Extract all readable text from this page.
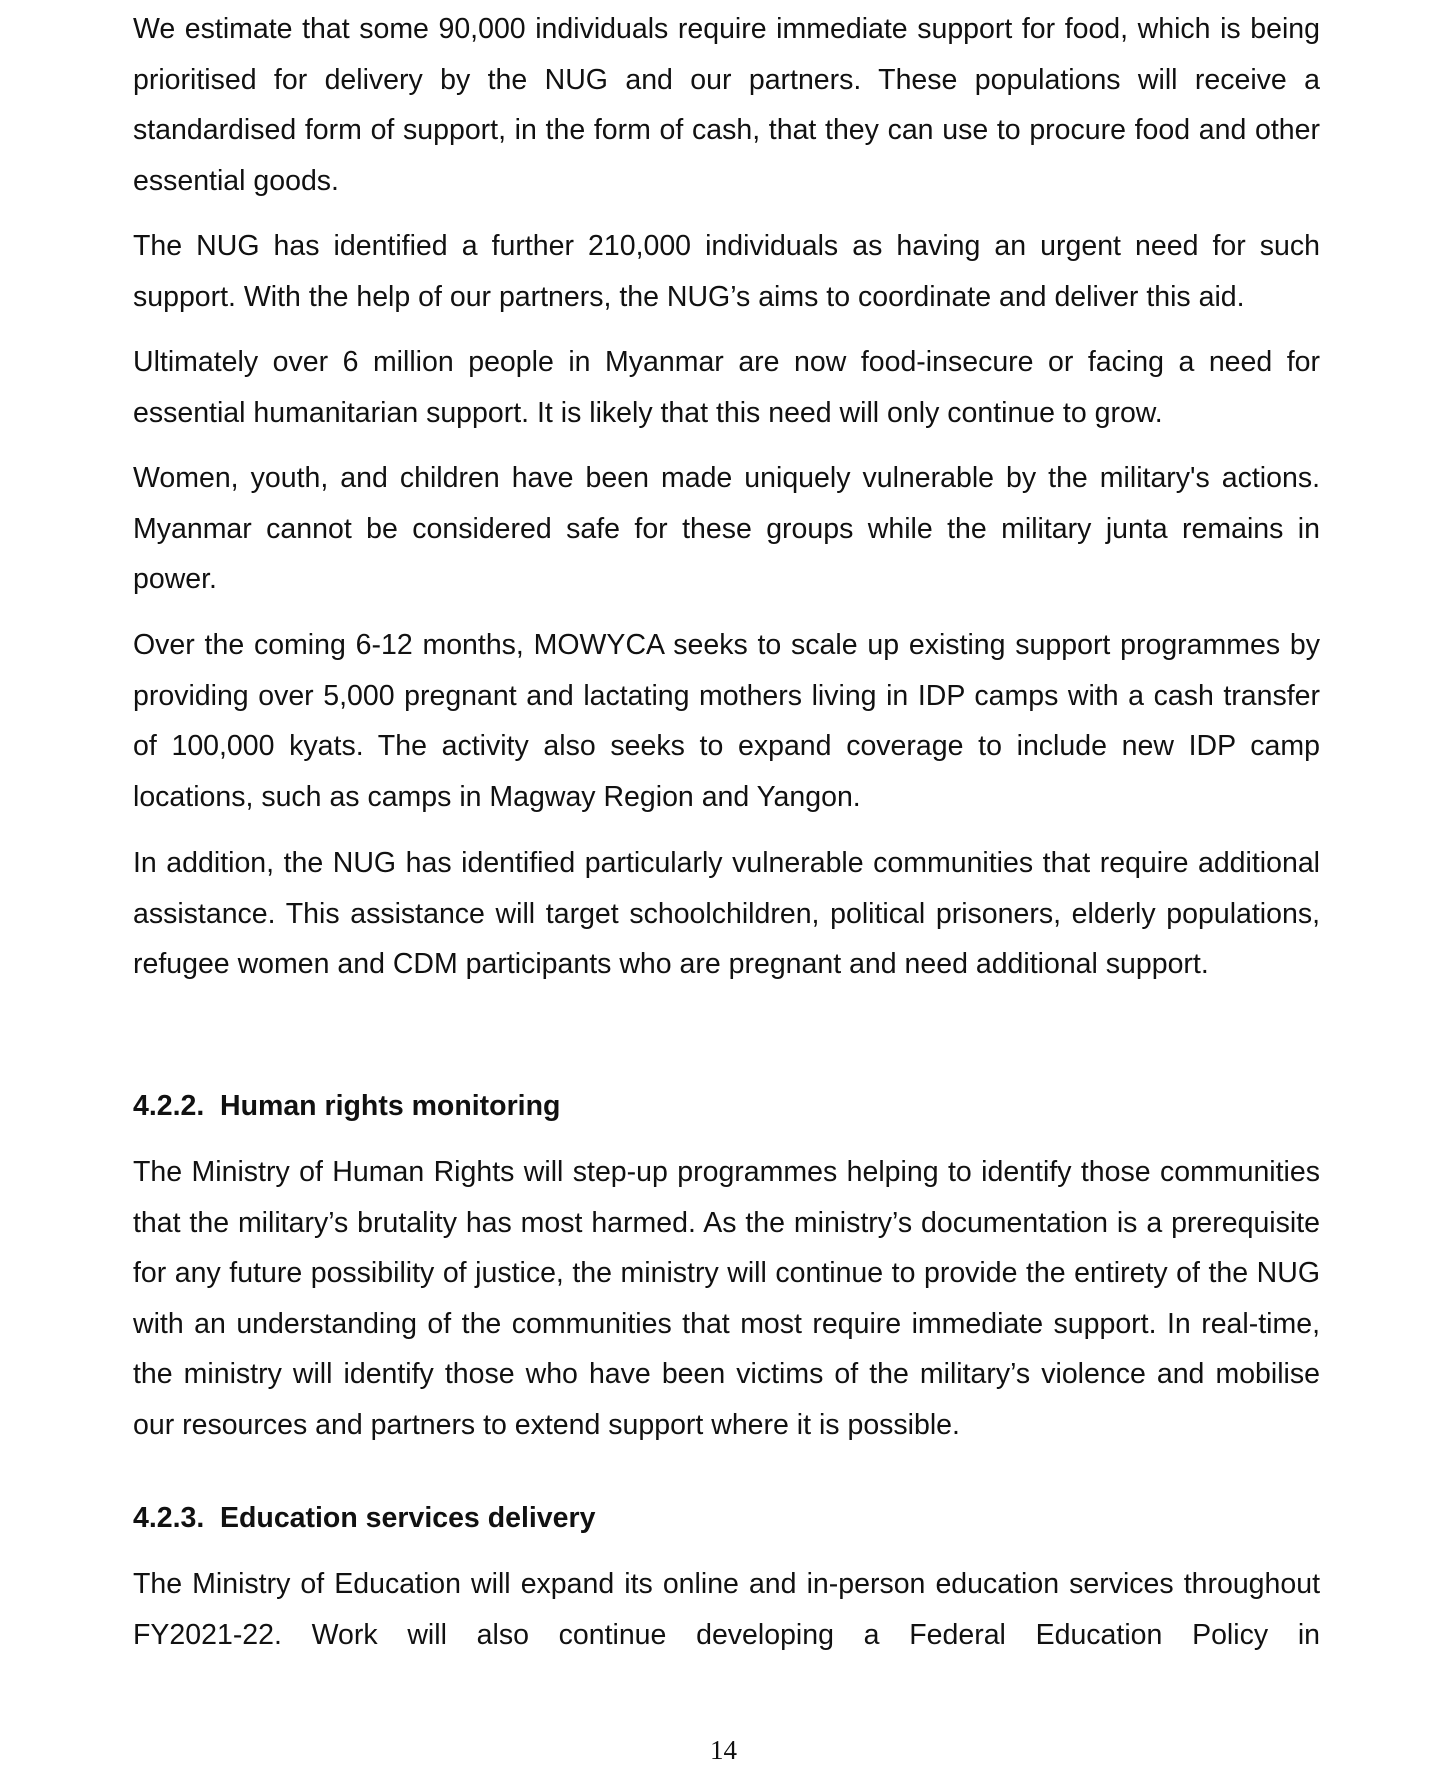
We estimate that some 90,000 individuals require immediate support for food, which is being prioritised for delivery by the NUG and our partners. These populations will receive a standardised form of support, in the form of cash, that they can use to procure food and other essential goods.

The NUG has identified a further 210,000 individuals as having an urgent need for such support. With the help of our partners, the NUG’s aims to coordinate and deliver this aid.

Ultimately over 6 million people in Myanmar are now food-insecure or facing a need for essential humanitarian support. It is likely that this need will only continue to grow.

Women, youth, and children have been made uniquely vulnerable by the military's actions. Myanmar cannot be considered safe for these groups while the military junta remains in power.

Over the coming 6-12 months, MOWYCA seeks to scale up existing support programmes by providing over 5,000 pregnant and lactating mothers living in IDP camps with a cash transfer of 100,000 kyats. The activity also seeks to expand coverage to include new IDP camp locations, such as camps in Magway Region and Yangon.

In addition, the NUG has identified particularly vulnerable communities that require additional assistance. This assistance will target schoolchildren, political prisoners, elderly populations, refugee women and CDM participants who are pregnant and need additional support.

4.2.2. Human rights monitoring

The Ministry of Human Rights will step-up programmes helping to identify those communities that the military’s brutality has most harmed. As the ministry’s documentation is a prerequisite for any future possibility of justice, the ministry will continue to provide the entirety of the NUG with an understanding of the communities that most require immediate support. In real-time, the ministry will identify those who have been victims of the military’s violence and mobilise our resources and partners to extend support where it is possible.

4.2.3. Education services delivery

The Ministry of Education will expand its online and in-person education services throughout FY2021-22. Work will also continue developing a Federal Education Policy in

14
